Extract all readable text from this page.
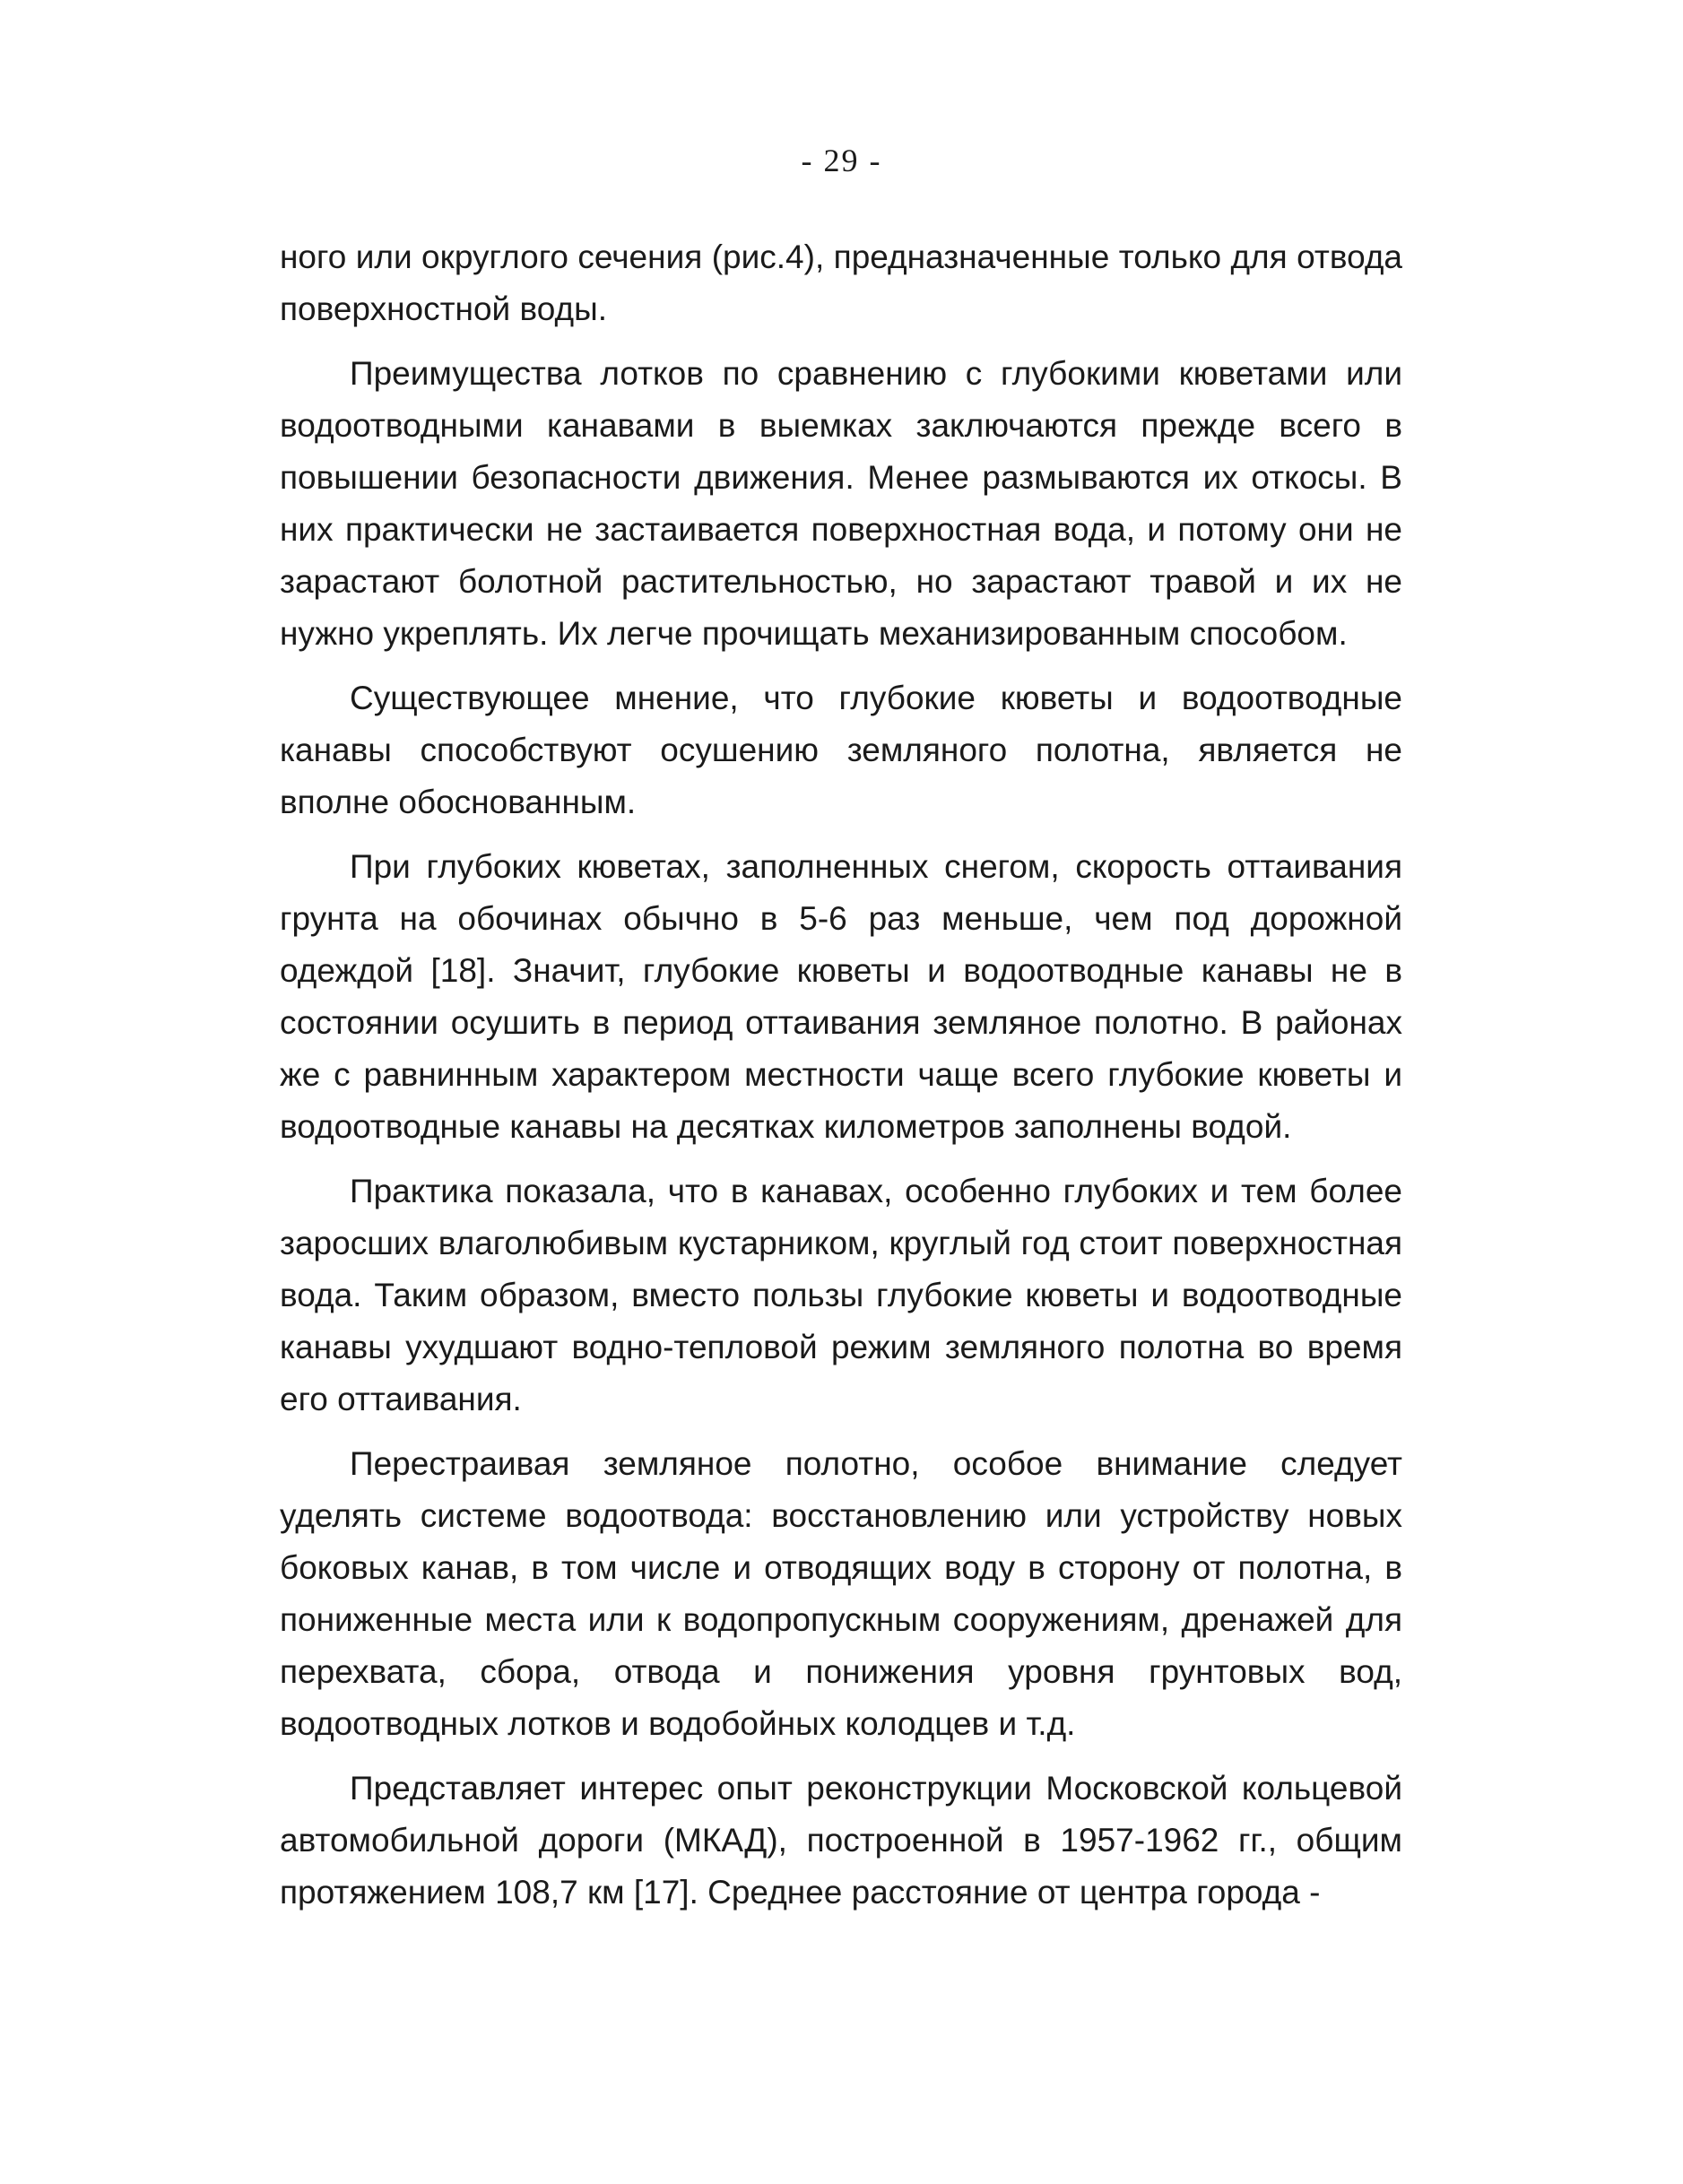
- 29 -

ного или округлого сечения (рис.4), предназначенные только для отвода поверхностной воды.

Преимущества лотков по сравнению с глубокими кюветами или водоотводными канавами в выемках заключаются прежде всего в повышении безопасности движения. Менее размываются их откосы. В них практически не застаивается поверхностная вода, и потому они не зарастают болотной растительностью, но зарастают травой и их не нужно укреплять. Их легче прочищать механизированным способом.

Существующее мнение, что глубокие кюветы и водоотводные канавы способствуют осушению земляного полотна, является не вполне обоснованным.

При глубоких кюветах, заполненных снегом, скорость оттаивания грунта на обочинах обычно в 5-6 раз меньше, чем под дорожной одеждой [18]. Значит, глубокие кюветы и водоотводные канавы не в состоянии осушить в период оттаивания земляное полотно. В районах же с равнинным характером местности чаще всего глубокие кюветы и водоотводные канавы на десятках километров заполнены водой.

Практика показала, что в канавах, особенно глубоких и тем более заросших влаголюбивым кустарником, круглый год стоит поверхностная вода. Таким образом, вместо пользы глубокие кюветы и водоотводные канавы ухудшают водно-тепловой режим земляного полотна во время его оттаивания.

Перестраивая земляное полотно, особое внимание следует уделять системе водоотвода: восстановлению или устройству новых боковых канав, в том числе и отводящих воду в сторону от полотна, в пониженные места или к водопропускным сооружениям, дренажей для перехвата, сбора, отвода и понижения уровня грунтовых вод, водоотводных лотков и водобойных колодцев и т.д.

Представляет интерес опыт реконструкции Московской кольцевой автомобильной дороги (МКАД), построенной в 1957-1962 гг., общим протяжением 108,7 км [17]. Среднее расстояние от центра города -
